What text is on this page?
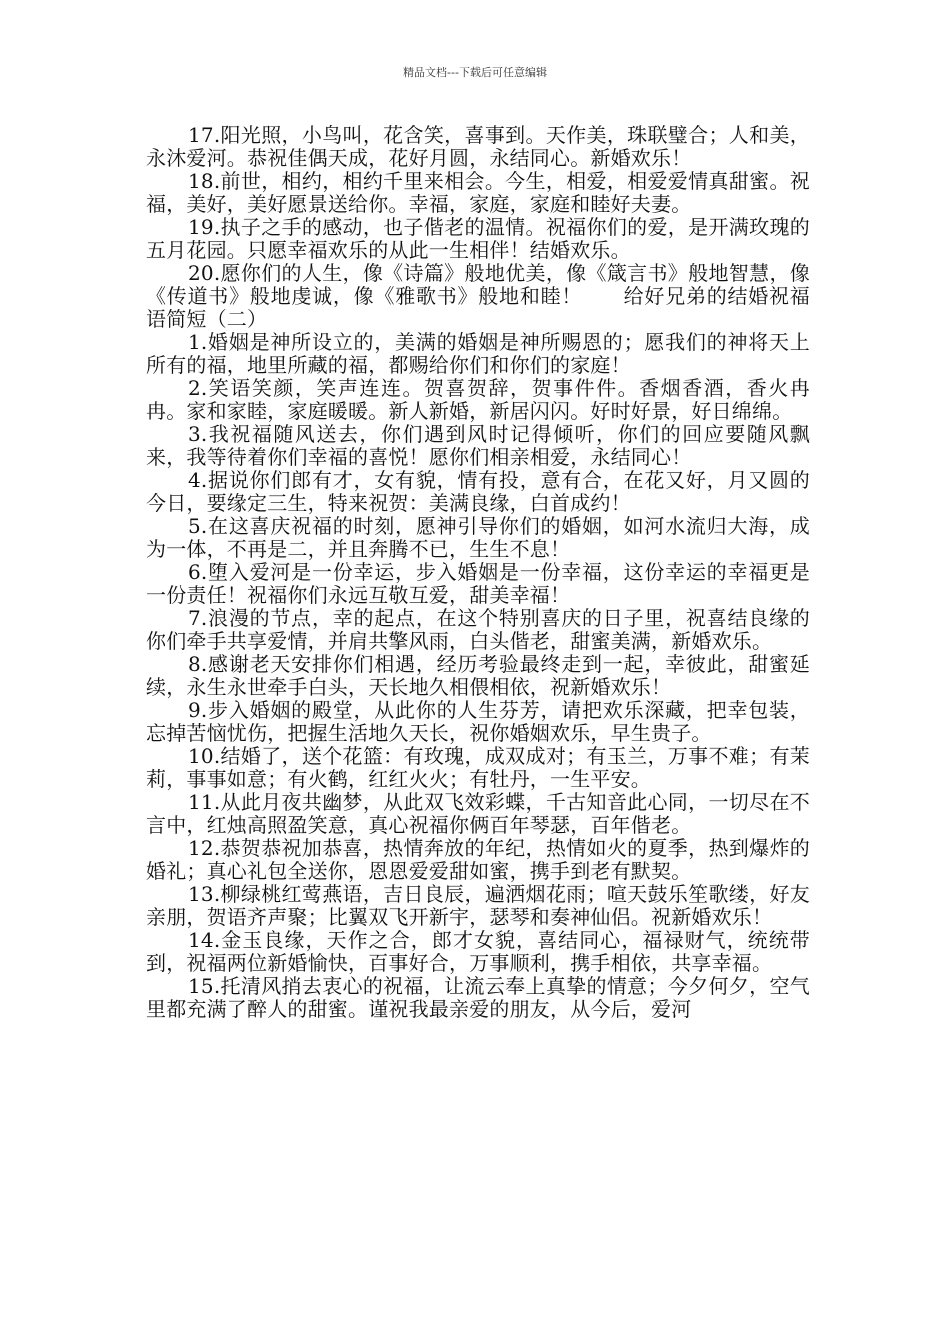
精品文档---下载后可任意编辑

17.阳光照，小鸟叫，花含笑，喜事到。天作美，珠联璧合；人和美，永沐爱河。恭祝佳偶天成，花好月圆，永结同心。新婚欢乐！

18.前世，相约，相约千里来相会。今生，相爱，相爱爱情真甜蜜。祝福，美好，美好愿景送给你。幸福，家庭，家庭和睦好夫妻。

19.执子之手的感动，也子偕老的温情。祝福你们的爱，是开满玫瑰的五月花园。只愿幸福欢乐的从此一生相伴！结婚欢乐。

20.愿你们的人生，像《诗篇》般地优美，像《箴言书》般地智慧，像《传道书》般地虔诚，像《雅歌书》般地和睦！　　给好兄弟的结婚祝福语简短（二）

1.婚姻是神所设立的，美满的婚姻是神所赐恩的；愿我们的神将天上所有的福，地里所藏的福，都赐给你们和你们的家庭！

2.笑语笑颜，笑声连连。贺喜贺辞，贺事件件。香烟香酒，香火冉冉。家和家睦，家庭暖暖。新人新婚，新居闪闪。好时好景，好日绵绵。

3.我祝福随风送去，你们遇到风时记得倾听，你们的回应要随风飘来，我等待着你们幸福的喜悦！愿你们相亲相爱，永结同心！

4.据说你们郎有才，女有貌，情有投，意有合，在花又好，月又圆的今日，要缘定三生，特来祝贺：美满良缘，白首成约！

5.在这喜庆祝福的时刻，愿神引导你们的婚姻，如河水流归大海，成为一体，不再是二，并且奔腾不已，生生不息！

6.堕入爱河是一份幸运，步入婚姻是一份幸福，这份幸运的幸福更是一份责任！祝福你们永远互敬互爱，甜美幸福！

7.浪漫的节点，幸的起点，在这个特别喜庆的日子里，祝喜结良缘的你们牵手共享爱情，并肩共擎风雨，白头偕老，甜蜜美满，新婚欢乐。

8.感谢老天安排你们相遇，经历考验最终走到一起，幸彼此，甜蜜延续，永生永世牵手白头，天长地久相偎相依，祝新婚欢乐！

9.步入婚姻的殿堂，从此你的人生芬芳，请把欢乐深藏，把幸包装，忘掉苦恼忧伤，把握生活地久天长，祝你婚姻欢乐，早生贵子。

10.结婚了，送个花篮：有玫瑰，成双成对；有玉兰，万事不难；有茉莉，事事如意；有火鹤，红红火火；有牡丹，一生平安。

11.从此月夜共幽梦，从此双飞效彩蝶，千古知音此心同，一切尽在不言中，红烛高照盈笑意，真心祝福你俩百年琴瑟，百年偕老。

12.恭贺恭祝加恭喜，热情奔放的年纪，热情如火的夏季，热到爆炸的婚礼；真心礼包全送你，恩恩爱爱甜如蜜，携手到老有默契。

13.柳绿桃红莺燕语，吉日良辰，遍洒烟花雨；喧天鼓乐笙歌缕，好友亲朋，贺语齐声聚；比翼双飞开新宇，瑟琴和奏神仙侣。祝新婚欢乐！

14.金玉良缘，天作之合，郎才女貌，喜结同心，福禄财气，统统带到，祝福两位新婚愉快，百事好合，万事顺利，携手相依，共享幸福。

15.托清风捎去衷心的祝福，让流云奉上真挚的情意；今夕何夕，空气里都充满了醉人的甜蜜。谨祝我最亲爱的朋友，从今后，爱河
